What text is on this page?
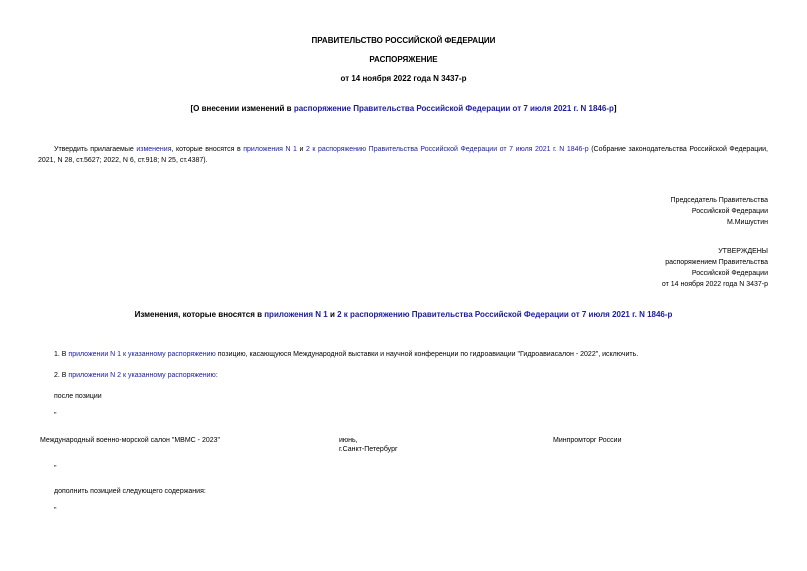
ПРАВИТЕЛЬСТВО РОССИЙСКОЙ ФЕДЕРАЦИИ
РАСПОРЯЖЕНИЕ
от 14 ноября 2022 года N 3437-р
[О внесении изменений в распоряжение Правительства Российской Федерации от 7 июля 2021 г. N 1846-р]
Утвердить прилагаемые изменения, которые вносятся в приложения N 1 и 2 к распоряжению Правительства Российской Федерации от 7 июля 2021 г. N 1846-р (Собрание законодательства Российской Федерации, 2021, N 28, ст.5627; 2022, N 6, ст.918; N 25, ст.4387).
Председатель Правительства
Российской Федерации
М.Мишустин
УТВЕРЖДЕНЫ
распоряжением Правительства
Российской Федерации
от 14 ноября 2022 года N 3437-р
Изменения, которые вносятся в приложения N 1 и 2 к распоряжению Правительства Российской Федерации от 7 июля 2021 г. N 1846-р
1. В приложении N 1 к указанному распоряжению позицию, касающуюся Международной выставки и научной конференции по гидроавиации "Гидроавиасалон - 2022", исключить.
2. В приложении N 2 к указанному распоряжению:
после позиции
"
Международный военно-морской салон "МВМС - 2023"	июнь,
г.Санкт-Петербург
Минпромторг России
"
дополнить позицией следующего содержания:
"
